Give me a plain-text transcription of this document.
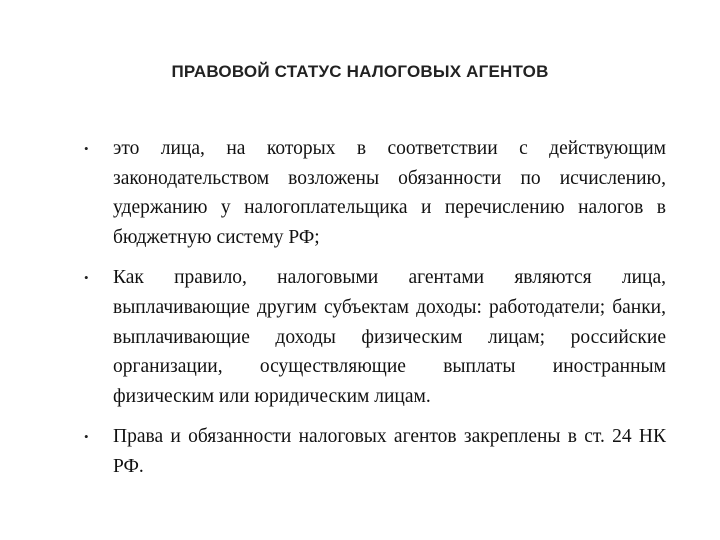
ПРАВОВОЙ СТАТУС НАЛОГОВЫХ АГЕНТОВ
•	это лица, на которых в соответствии с действующим законодательством возложены обязанности по исчислению, удержанию у налогоплательщика и перечислению налогов в бюджетную систему РФ;
•	Как правило, налоговыми агентами являются лица, выплачивающие другим субъектам доходы: работодатели; банки, выплачивающие доходы физическим лицам; российские организации, осуществляющие выплаты иностранным физическим или юридическим лицам.
•	Права и обязанности налоговых агентов закреплены в ст. 24 НК РФ.
